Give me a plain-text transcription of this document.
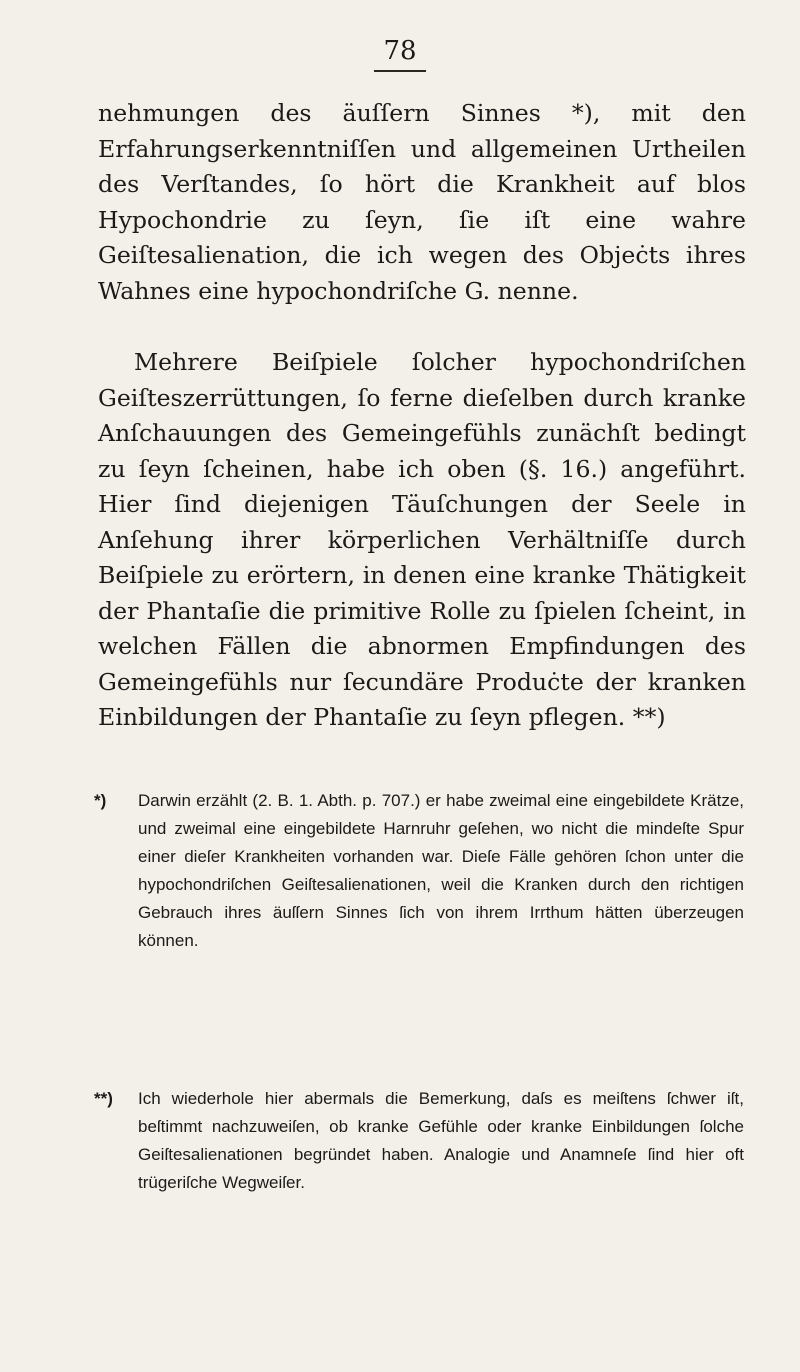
78

nehmungen des äuſſern Sinnes *), mit den Erfahrungserkenntniſſen und allgemeinen Urtheilen des Verſtandes, ſo hört die Krankheit auf blos Hypochondrie zu ſeyn, ſie iſt eine wahre Geiſtesalienation, die ich wegen des Objeċts ihres Wahnes eine hypochondriſche G. nenne.

Mehrere Beiſpiele ſolcher hypochondriſchen Geiſteszerrüttungen, ſo ferne dieſelben durch kranke Anſchauungen des Gemeingefühls zunächſt bedingt zu ſeyn ſcheinen, habe ich oben (§. 16.) angeführt. Hier ſind diejenigen Täuſchungen der Seele in Anſehung ihrer körperlichen Verhältniſſe durch Beiſpiele zu erörtern, in denen eine kranke Thätigkeit der Phantaſie die primitive Rolle zu ſpielen ſcheint, in welchen Fällen die abnormen Empfindungen des Gemeingefühls nur ſecundäre Produċte der kranken Einbildungen der Phantaſie zu ſeyn pflegen. **)

*) Darwin erzählt (2. B. 1. Abth. p. 707.) er habe zweimal eine eingebildete Krätze, und zweimal eine eingebildete Harnruhr geſehen, wo nicht die mindeſte Spur einer dieſer Krankheiten vorhanden war. Dieſe Fälle gehören ſchon unter die hypochondriſchen Geiſtesalienationen, weil die Kranken durch den richtigen Gebrauch ihres äuſſern Sinnes ſich von ihrem Irrthum hätten überzeugen können.
**) Ich wiederhole hier abermals die Bemerkung, daſs es meiſtens ſchwer iſt, beſtimmt nachzuweiſen, ob kranke Gefühle oder kranke Einbildungen ſolche Geiſtesalienationen begründet haben. Analogie und Anamneſe ſind hier oft trügeriſche Wegweiſer.
